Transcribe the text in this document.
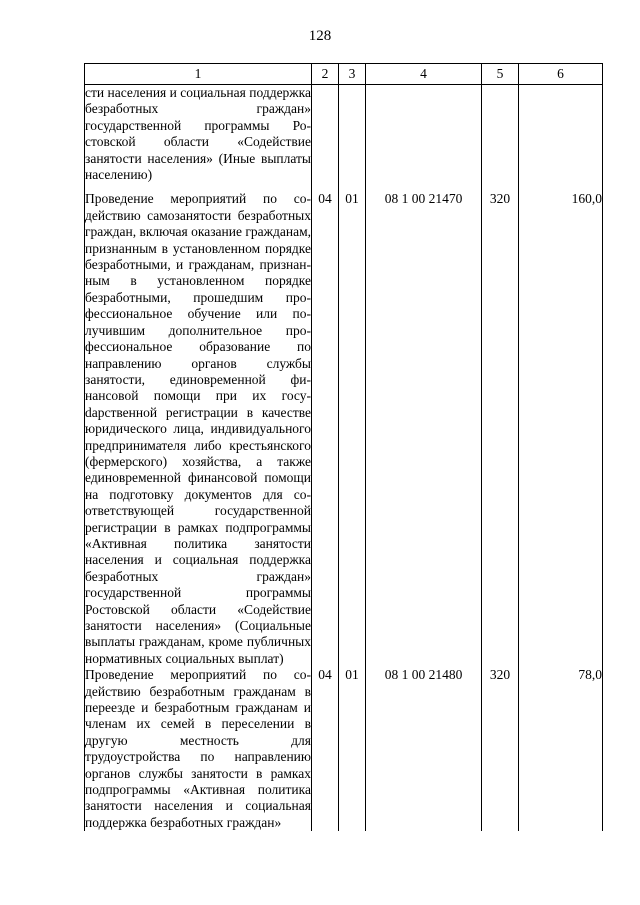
128
1	2	3	4	5	6
сти населения и социальная поддержка безработных граждан» государственной программы Ростовской области «Содействие занятости населения» (Иные выплаты населению)					
Проведение мероприятий по содействию самозанятости безработных граждан, включая оказание гражданам, признанным в установленном порядке безработными, и гражданам, признанным в установленном порядке безработными, прошедшим профессиональное обучение или получившим дополнительное профессиональное образование по направлению органов службы занятости, единовременной финансовой помощи при их госуdарственной регистрации в качестве юридического лица, индивидуального предпринимателя либо крестьянского (фермерского) хозяйства, а также единовременной финансовой помощи на подготовку документов для соответствующей государственной регистрации в рамках подпрограммы «Активная политика занятости населения и социальная поддержка безработных граждан» государственной программы Ростовской области «Содействие занятости населения» (Социальные выплаты гражданам, кроме публичных нормативных социальных выплат)	04	01	08 1 00 21470	320	160,0
Проведение мероприятий по содействию безработным гражданам в переезде и безработным гражданам и членам их семей в переселении в другую местность для трудоустройства по направлению органов службы занятости в рамках подпрограммы «Активная политика занятости населения и социальная поддержка безработных граждан»	04	01	08 1 00 21480	320	78,0
